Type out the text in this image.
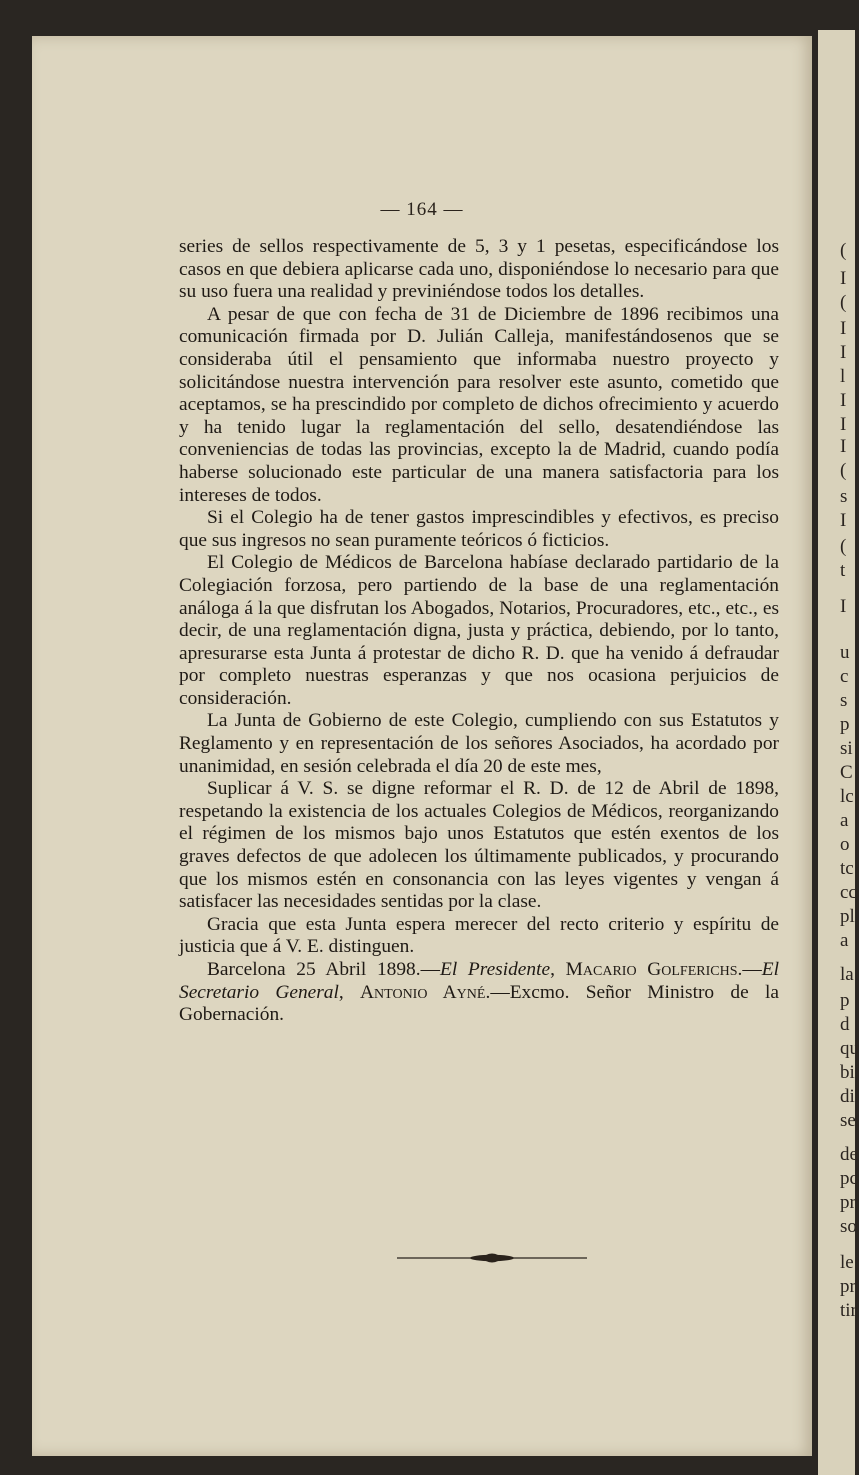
(
I
(
I
I
l
I
I
I
(
s
I
(
t
I
u
c
s
p
si
C
lc
a
o
tc
cc
pl
a
la
p
d
qu
bi
di
se
de
pc
pr
so
le
pr
tir
— 164 —

series de sellos respectivamente de 5, 3 y 1 pesetas, especificándose los casos en que debiera aplicarse cada uno, disponiéndose lo necesario para que su uso fuera una realidad y previniéndose todos los detalles.

A pesar de que con fecha de 31 de Diciembre de 1896 recibimos una comunicación firmada por D. Julián Calleja, manifestándosenos que se consideraba útil el pensamiento que informaba nuestro proyecto y solicitándose nuestra intervención para resolver este asunto, cometido que aceptamos, se ha prescindido por completo de dichos ofrecimiento y acuerdo y ha tenido lugar la reglamentación del sello, desatendiéndose las conveniencias de todas las provincias, excepto la de Madrid, cuando podía haberse solucionado este particular de una manera satisfactoria para los intereses de todos.

Si el Colegio ha de tener gastos imprescindibles y efectivos, es preciso que sus ingresos no sean puramente teóricos ó ficticios.

El Colegio de Médicos de Barcelona habíase declarado partidario de la Colegiación forzosa, pero partiendo de la base de una reglamentación análoga á la que disfrutan los Abogados, Notarios, Procuradores, etc., etc., es decir, de una reglamentación digna, justa y práctica, debiendo, por lo tanto, apresurarse esta Junta á protestar de dicho R. D. que ha venido á defraudar por completo nuestras esperanzas y que nos ocasiona perjuicios de consideración.

La Junta de Gobierno de este Colegio, cumpliendo con sus Estatutos y Reglamento y en representación de los señores Asociados, ha acordado por unanimidad, en sesión celebrada el día 20 de este mes,

Suplicar á V. S. se digne reformar el R. D. de 12 de Abril de 1898, respetando la existencia de los actuales Colegios de Médicos, reorganizando el régimen de los mismos bajo unos Estatutos que estén exentos de los graves defectos de que adolecen los últimamente publicados, y procurando que los mismos estén en consonancia con las leyes vigentes y vengan á satisfacer las necesidades sentidas por la clase.

Gracia que esta Junta espera merecer del recto criterio y espíritu de justicia que á V. E. distinguen.

Barcelona 25 Abril 1898.—El Presidente, Macario Golferichs.—El Secretario General, Antonio Ayné.—Excmo. Señor Ministro de la Gobernación.
